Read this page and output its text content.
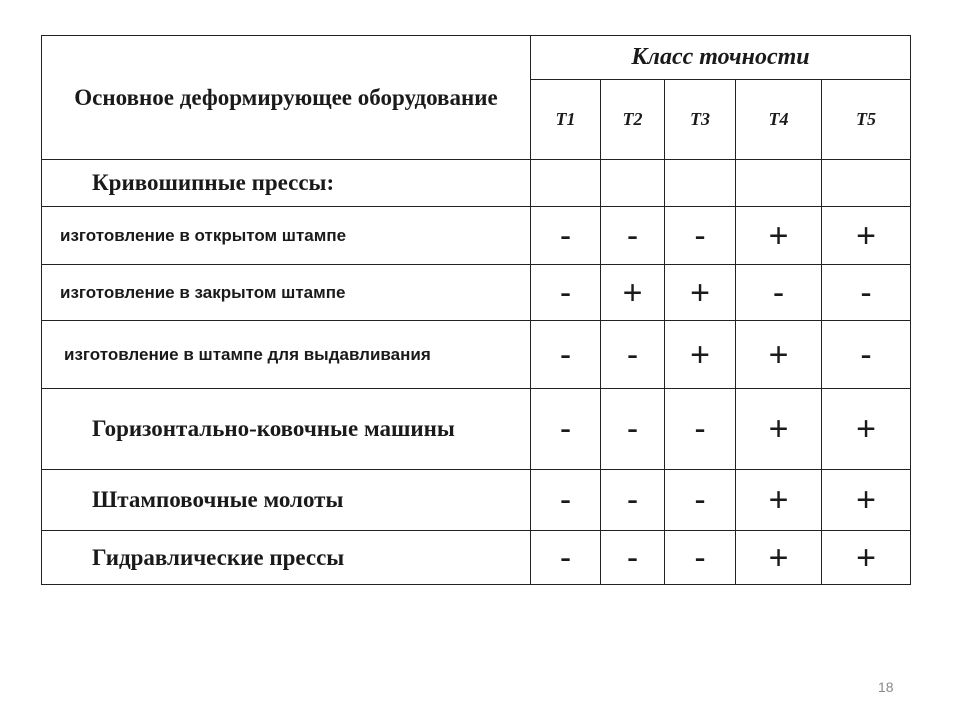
Основное деформирующее оборудование	Класс точности				
	Т1	Т2	Т3	Т4	Т5
Кривошипные прессы:					
изготовление в открытом штампе	-	-	-	+	+
изготовление в закрытом штампе	-	+	+	-	-
изготовление в штампе для выдавливания	-	-	+	+	-
Горизонтально-ковочные машины	-	-	-	+	+
Штамповочные молоты	-	-	-	+	+
Гидравлические прессы	-	-	-	+	+
18
